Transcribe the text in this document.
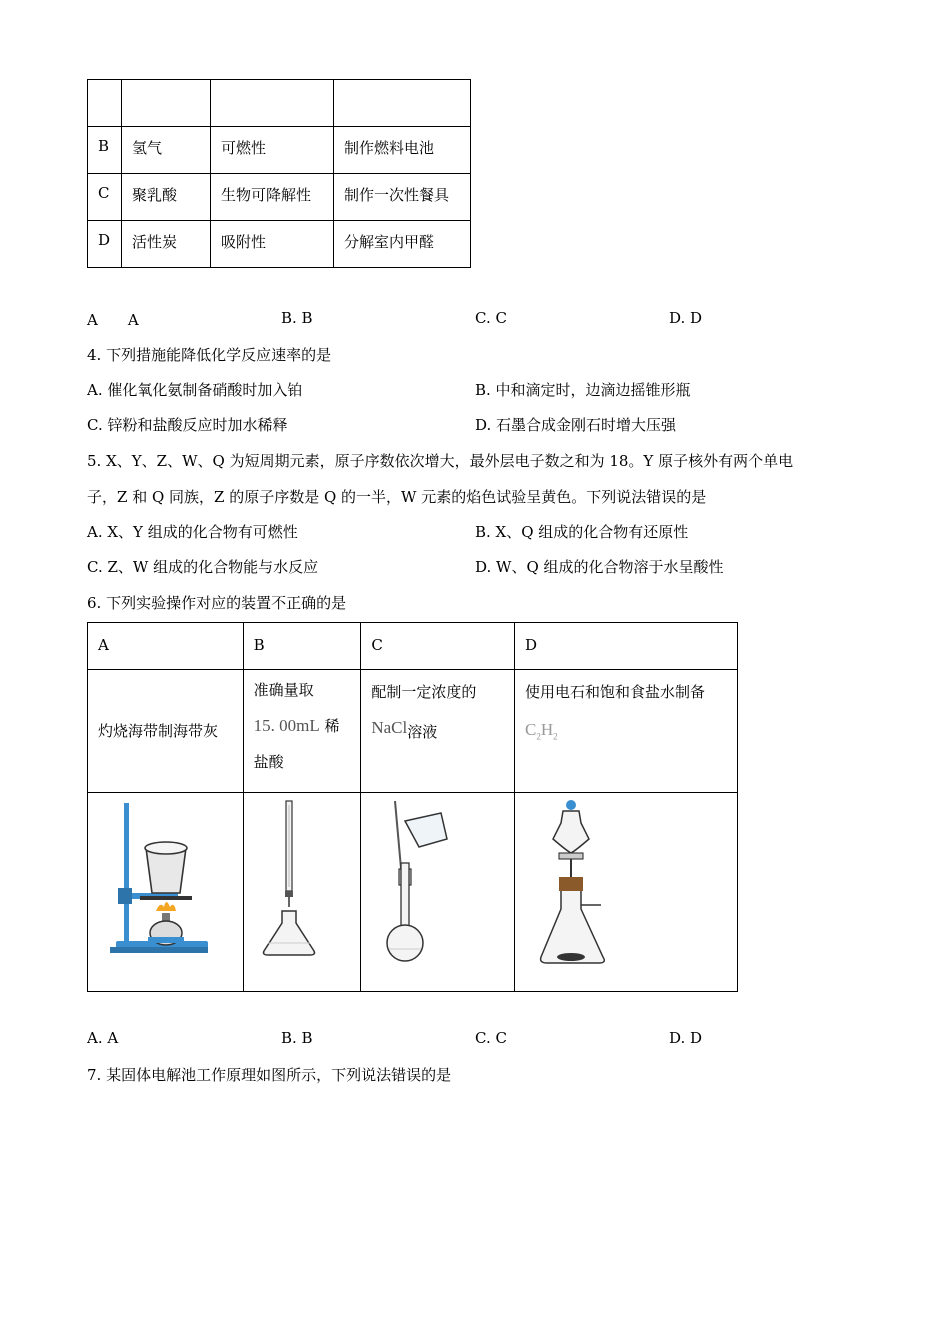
B	氢气	可燃性	制作燃料电池

C	聚乳酸	生物可降解性	制作一次性餐具

D	活性炭	吸附性	分解室内甲醛
A　　A	B. B	C. C	D. D
4. 下列措施能降低化学反应速率的是
A. 催化氧化氨制备硝酸时加入铂	B. 中和滴定时，边滴边摇锥形瓶
C. 锌粉和盐酸反应时加水稀释	D. 石墨合成金刚石时增大压强
5. X、Y、Z、W、Q 为短周期元素，原子序数依次增大，最外层电子数之和为 18。Y 原子核外有两个单电
子，Z 和 Q 同族，Z 的原子序数是 Q 的一半，W 元素的焰色试验呈黄色。下列说法错误的是
A. X、Y 组成的化合物有可燃性	B. X、Q 组成的化合物有还原性
C. Z、W 组成的化合物能与水反应	D. W、Q 组成的化合物溶于水呈酸性
6. 下列实验操作对应的装置不正确的是
A	B	C	D

灼烧海带制海带灰	准确量取
15. 00mL 稀
盐酸	配制一定浓度的
NaCl$_{溶液}$	使用电石和饱和食盐水制备
$C_2H_2$

A. A	B. B	C. C	D. D
7. 某固体电解池工作原理如图所示，下列说法错误的是
